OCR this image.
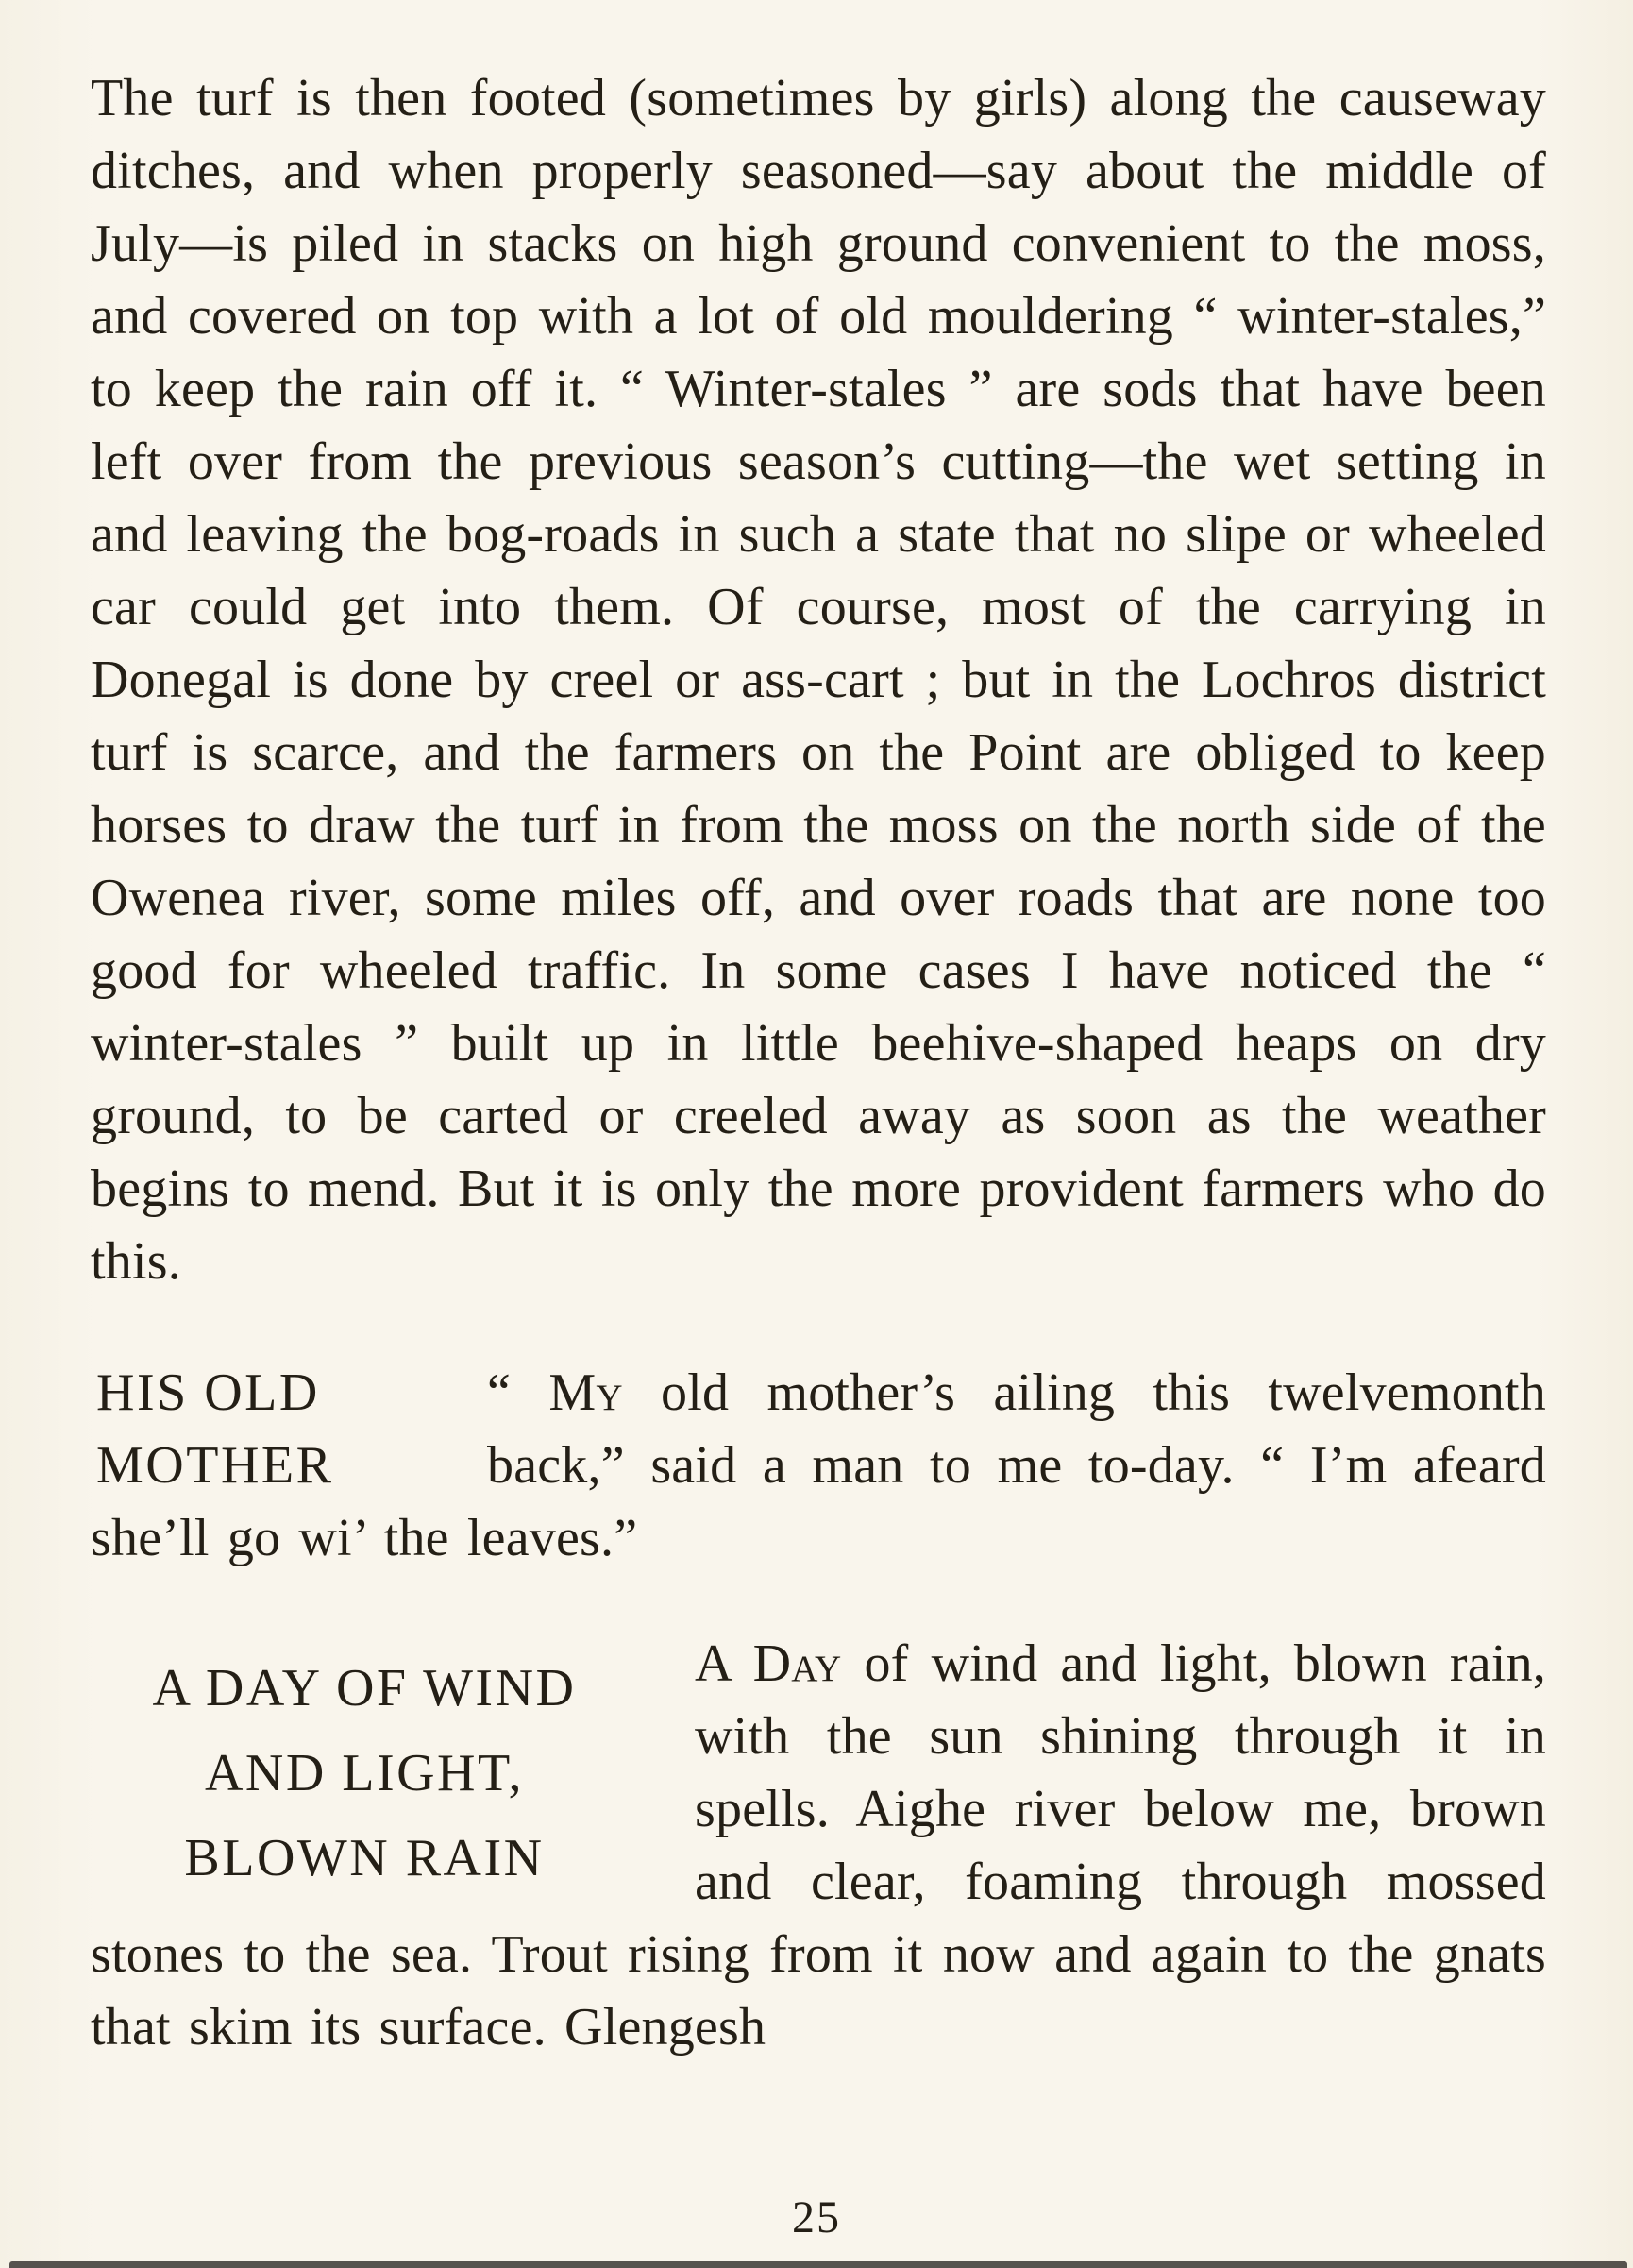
The turf is then footed (sometimes by girls) along the causeway ditches, and when properly seasoned—say about the middle of July—is piled in stacks on high ground convenient to the moss, and covered on top with a lot of old mouldering “ winter-stales,” to keep the rain off it. “ Winter-stales ” are sods that have been left over from the previous season’s cutting—the wet setting in and leaving the bog-roads in such a state that no slipe or wheeled car could get into them. Of course, most of the carrying in Donegal is done by creel or ass-cart ; but in the Lochros district turf is scarce, and the farmers on the Point are obliged to keep horses to draw the turf in from the moss on the north side of the Owenea river, some miles off, and over roads that are none too good for wheeled traffic. In some cases I have noticed the “ winter-stales ” built up in little beehive-shaped heaps on dry ground, to be carted or creeled away as soon as the weather begins to mend. But it is only the more provident farmers who do this.

HIS OLD
MOTHER

“ My old mother’s ailing this twelvemonth back,” said a man to me to-day. “ I’m afeard she’ll go wi’ the leaves.”

A DAY OF WIND
AND LIGHT,
BLOWN RAIN

A Day of wind and light, blown rain, with the sun shining through it in spells. Aighe river below me, brown and clear, foaming through mossed stones to the sea. Trout rising from it now and again to the gnats that skim its surface. Glengesh

25
